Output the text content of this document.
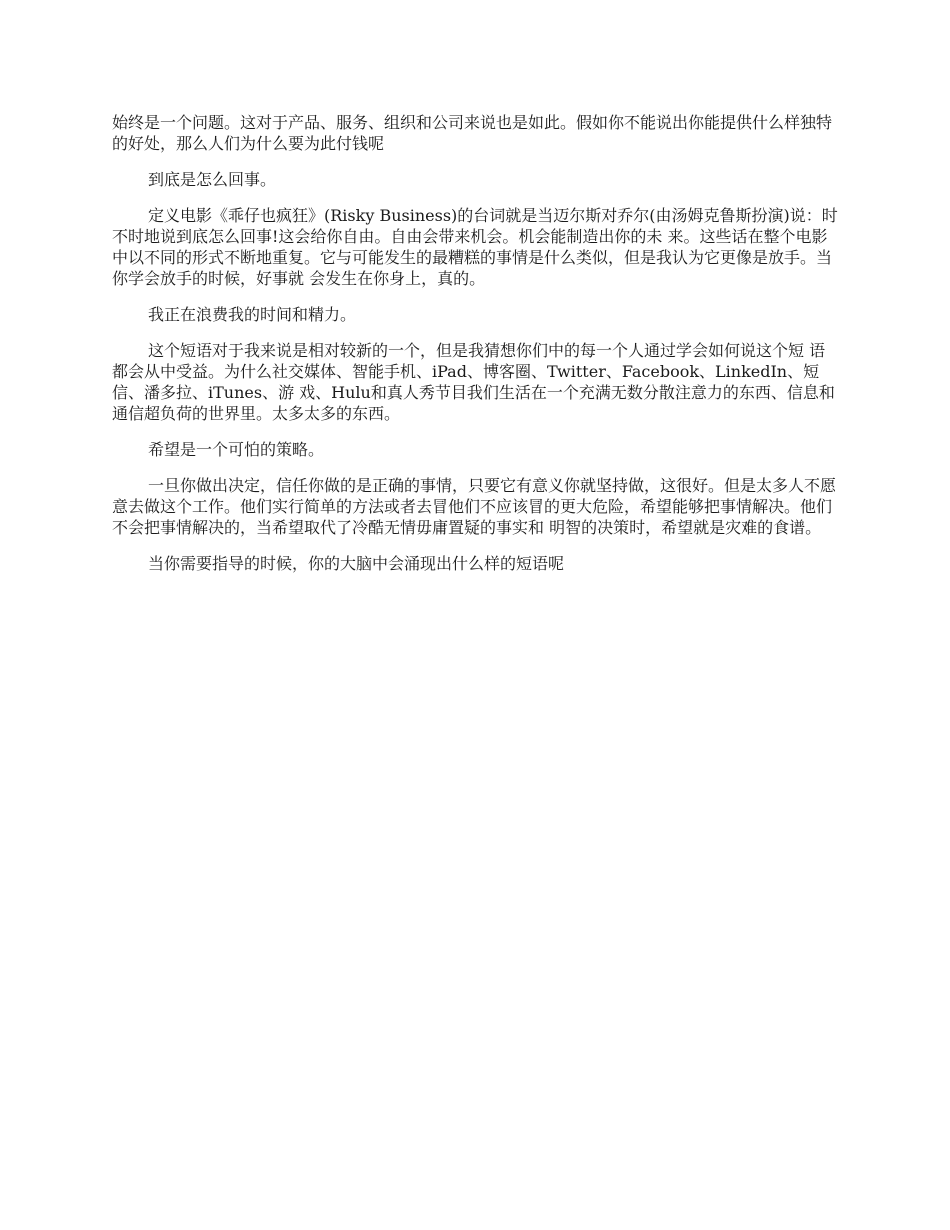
始终是一个问题。这对于产品、服务、组织和公司来说也是如此。假如你不能说出你能提供什么样独特的好处，那么人们为什么要为此付钱呢

到底是怎么回事。

定义电影《乖仔也疯狂》(Risky Business)的台词就是当迈尔斯对乔尔(由汤姆克鲁斯扮演)说：时不时地说到底怎么回事!这会给你自由。自由会带来机会。机会能制造出你的未 来。这些话在整个电影中以不同的形式不断地重复。它与可能发生的最糟糕的事情是什么类似，但是我认为它更像是放手。当你学会放手的时候，好事就 会发生在你身上，真的。

我正在浪费我的时间和精力。

这个短语对于我来说是相对较新的一个，但是我猜想你们中的每一个人通过学会如何说这个短 语都会从中受益。为什么社交媒体、智能手机、iPad、博客圈、Twitter、Facebook、LinkedIn、短信、潘多拉、iTunes、游 戏、Hulu和真人秀节目我们生活在一个充满无数分散注意力的东西、信息和通信超负荷的世界里。太多太多的东西。

希望是一个可怕的策略。

一旦你做出决定，信任你做的是正确的事情，只要它有意义你就坚持做，这很好。但是太多人不愿 意去做这个工作。他们实行简单的方法或者去冒他们不应该冒的更大危险，希望能够把事情解决。他们不会把事情解决的，当希望取代了冷酷无情毋庸置疑的事实和 明智的决策时，希望就是灾难的食谱。

当你需要指导的时候，你的大脑中会涌现出什么样的短语呢
